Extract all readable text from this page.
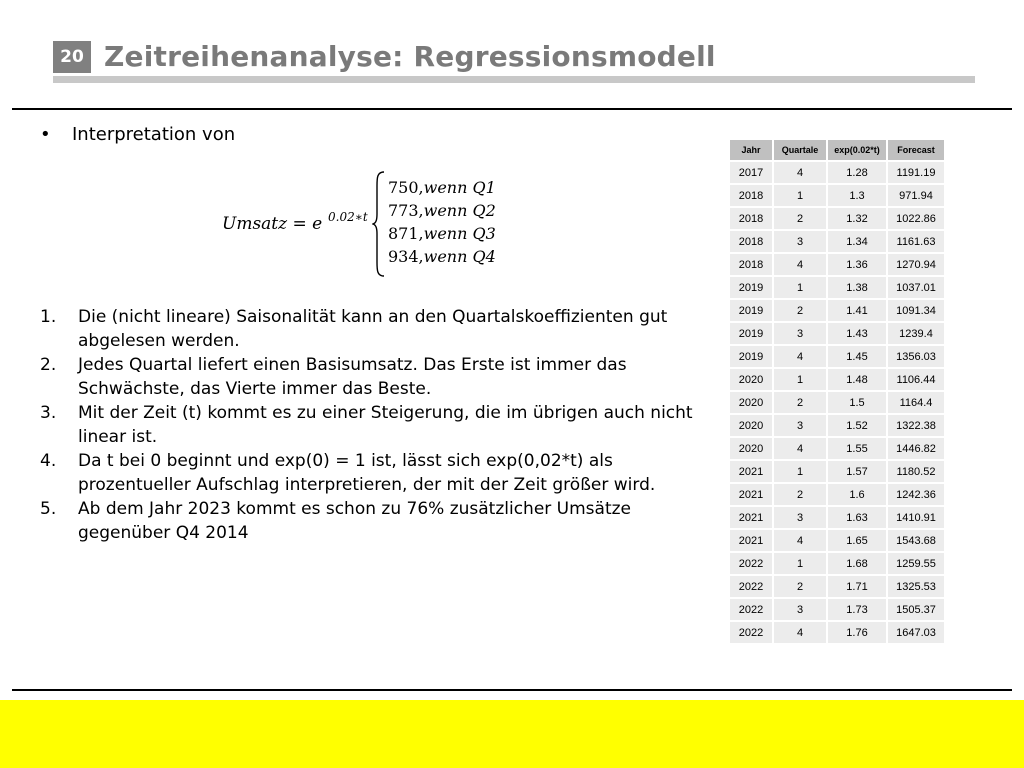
20 Zeitreihenanalyse: Regressionsmodell
• Interpretation von
Umsatz = e 0.02∗t
750,wenn Q1
773,wenn Q2
871,wenn Q3
934,wenn Q4
1. Die (nicht lineare) Saisonalität kann an den Quartalskoeffizienten gut abgelesen werden.
2. Jedes Quartal liefert einen Basisumsatz. Das Erste ist immer das Schwächste, das Vierte immer das Beste.
3. Mit der Zeit (t) kommt es zu einer Steigerung, die im übrigen auch nicht linear ist.
4. Da t bei 0 beginnt und exp(0) = 1 ist, lässt sich exp(0,02*t) als prozentueller Aufschlag interpretieren, der mit der Zeit größer wird.
5. Ab dem Jahr 2023 kommt es schon zu 76% zusätzlicher Umsätze gegenüber Q4 2014
Jahr	Quartale	exp(0.02*t)	Forecast
2017	4	1.28	1191.19
2018	1	1.3	971.94
2018	2	1.32	1022.86
2018	3	1.34	1161.63
2018	4	1.36	1270.94
2019	1	1.38	1037.01
2019	2	1.41	1091.34
2019	3	1.43	1239.4
2019	4	1.45	1356.03
2020	1	1.48	1106.44
2020	2	1.5	1164.4
2020	3	1.52	1322.38
2020	4	1.55	1446.82
2021	1	1.57	1180.52
2021	2	1.6	1242.36
2021	3	1.63	1410.91
2021	4	1.65	1543.68
2022	1	1.68	1259.55
2022	2	1.71	1325.53
2022	3	1.73	1505.37
2022	4	1.76	1647.03
